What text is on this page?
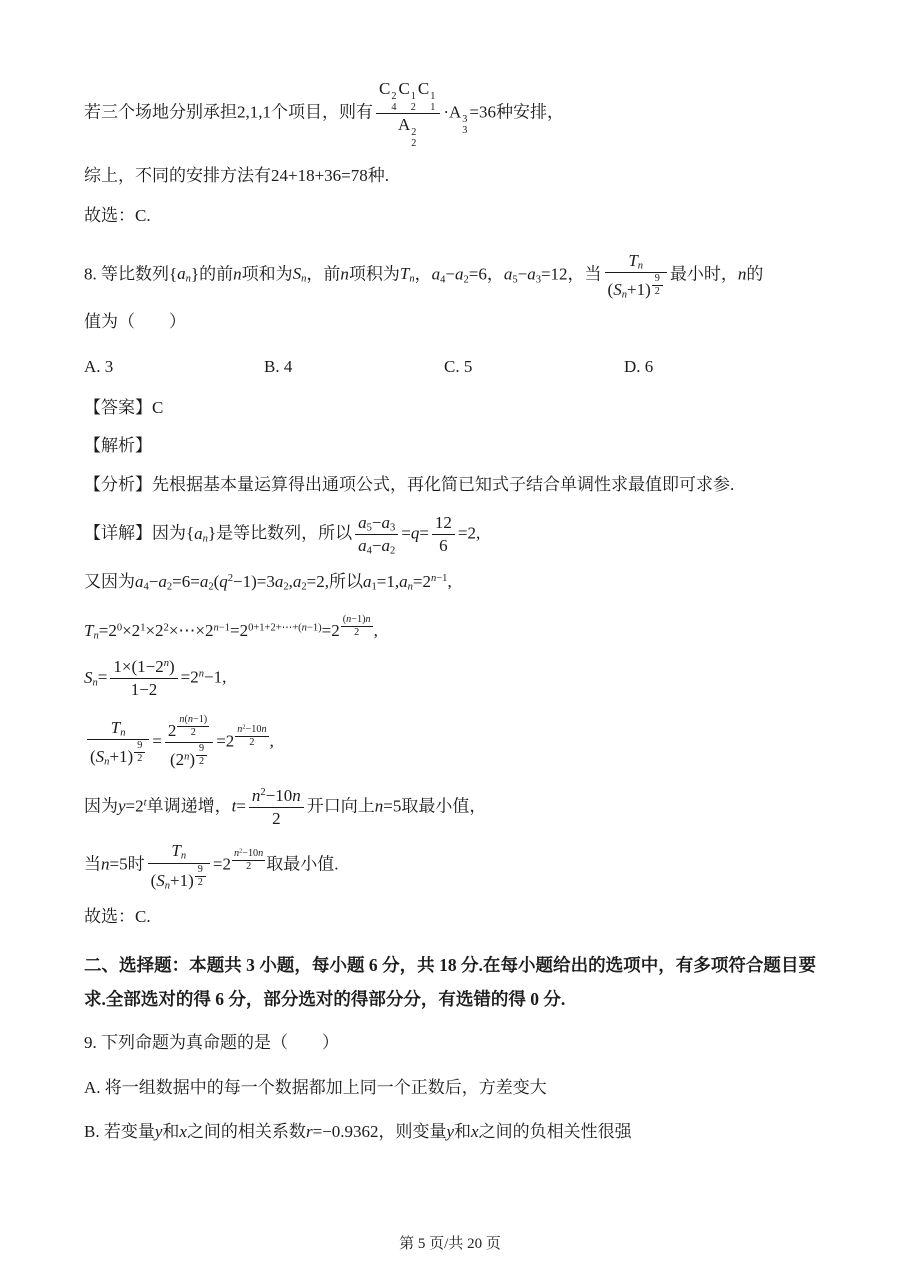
若三个场地分别承担2,1,1个项目，则有 C 2
4
C 1
2
C 1
1
A 2
2 ·A 3
3
=36种安排，
综上，不同的安排方法有24+18+36=78种.
故选：C.
8. 等比数列$\{a_n\}$的前n项和为$S_n$，前n项积为$T_n$，$a_4-a_2=6$，$a_5-a_3=12$，当 $T_n$
$(S_n+1)$ $^{\frac{9}{2}}$ 最小时，n的
值为（　　）
A. 3	B. 4	C. 5	D. 6
【答案】C
【解析】
【分析】先根据基本量运算得出通项公式，再化简已知式子结合单调性求最值即可求参.
【详解】因为$\{a_n\}$是等比数列，所以 $\frac{a_5-a_3}{a_4-a_2} =q= \frac{12}{6} =2$,
又因为$a_4-a_2=6=a_2(q^2-1)=3a_2,a_2=2$,所以$a_1=1,a_n=2^{n-1}$,
$T_n=2^0\times 2^1\times 2^2\times\cdots\times 2^{n-1}=2^{0+1+2+\cdots+(n-1)}=2$ $^{\frac{(n-1)n}{2}}$ ,
$S_n= \frac{1\times(1-2^n)}{1-2} =2^n-1$,
$T_n$
$(S_n+1) ^{\frac{9}{2}} = 2$ $^{\frac{n(n-1)}{2}}$
(2$^n$) $^{\frac{9}{2}}$ =2 $^{\frac{n^2-10n}{2}}$ ,
因为$y=2^t$单调递增，$t= \frac{n^2-10n}{2}$ 开口向上n=5取最小值，
当n=5时 $T_n$
$(S_n+1)$ $^{\frac{9}{2}}$ =2 $^{\frac{n^2-10n}{2}}$ 取最小值.
故选：C.
二、选择题：本题共 3 小题，每小题 6 分，共 18 分.在每小题给出的选项中，有多项符合题目要求.全部选对的得 6 分，部分选对的得部分分，有选错的得 0 分.
9. 下列命题为真命题的是（　　）
A. 将一组数据中的每一个数据都加上同一个正数后，方差变大
B. 若变量y和x之间的相关系数r=−0.9362，则变量y和x之间的负相关性很强
第 5 页/共 20 页
